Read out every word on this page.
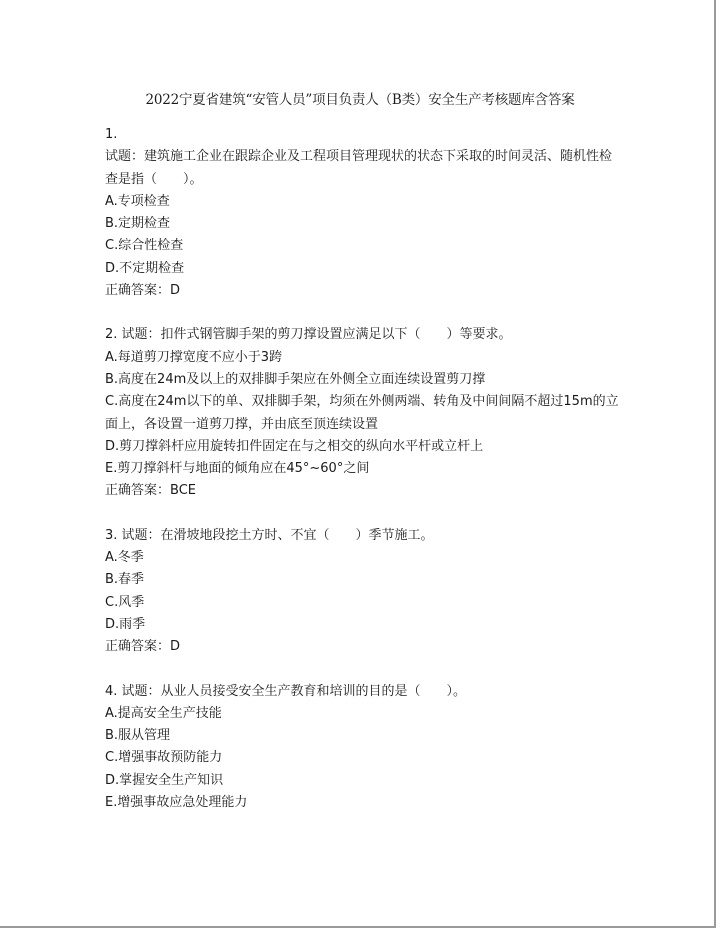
2022宁夏省建筑“安管人员”项目负责人（B类）安全生产考核题库含答案
1.
试题：建筑施工企业在跟踪企业及工程项目管理现状的状态下采取的时间灵活、随机性检
查是指（　　）。
A.专项检查
B.定期检查
C.综合性检查
D.不定期检查
正确答案：D
2. 试题：扣件式钢管脚手架的剪刀撑设置应满足以下（　　）等要求。
A.每道剪刀撑宽度不应小于3跨
B.高度在24m及以上的双排脚手架应在外侧全立面连续设置剪刀撑
C.高度在24m以下的单、双排脚手架，均须在外侧两端、转角及中间间隔不超过15m的立
面上，各设置一道剪刀撑，并由底至顶连续设置
D.剪刀撑斜杆应用旋转扣件固定在与之相交的纵向水平杆或立杆上
E.剪刀撑斜杆与地面的倾角应在45°~60°之间
正确答案：BCE
3. 试题：在滑坡地段挖土方时、不宜（　　）季节施工。
A.冬季
B.春季
C.风季
D.雨季
正确答案：D
4. 试题：从业人员接受安全生产教育和培训的目的是（　　）。
A.提高安全生产技能
B.服从管理
C.增强事故预防能力
D.掌握安全生产知识
E.增强事故应急处理能力
